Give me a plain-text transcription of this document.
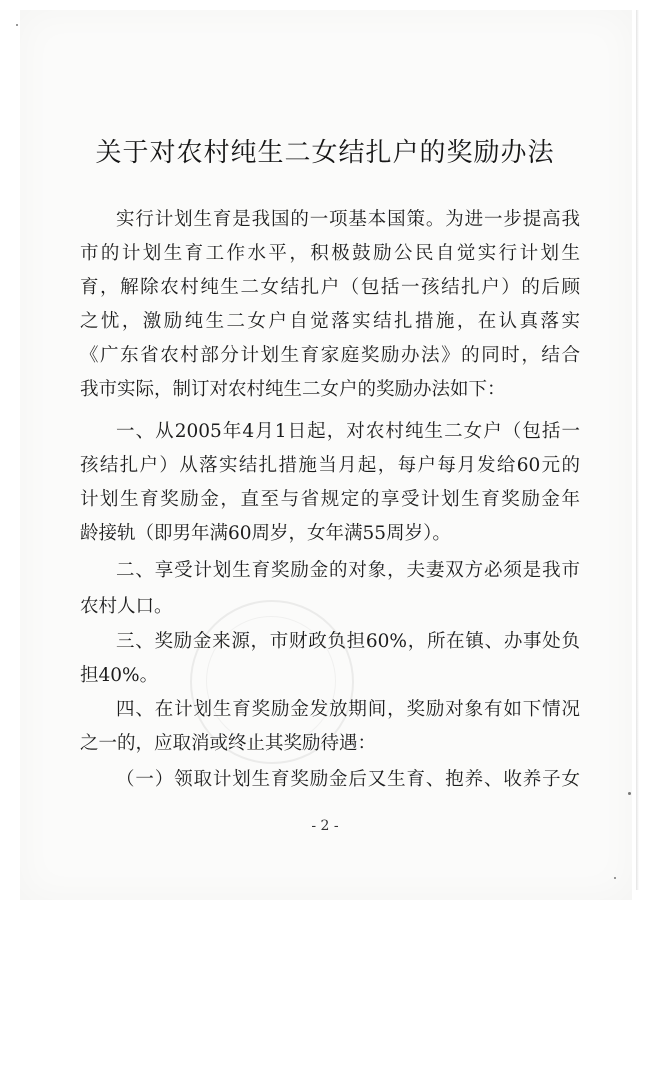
关于对农村纯生二女结扎户的奖励办法
实行计划生育是我国的一项基本国策。为进一步提高我
市的计划生育工作水平，积极鼓励公民自觉实行计划生
育，解除农村纯生二女结扎户（包括一孩结扎户）的后顾
之忧，激励纯生二女户自觉落实结扎措施，在认真落实
《广东省农村部分计划生育家庭奖励办法》的同时，结合
我市实际，制订对农村纯生二女户的奖励办法如下：
一、从2005年4月1日起，对农村纯生二女户（包括一
孩结扎户）从落实结扎措施当月起，每户每月发给60元的
计划生育奖励金，直至与省规定的享受计划生育奖励金年
龄接轨（即男年满60周岁，女年满55周岁）。
二、享受计划生育奖励金的对象，夫妻双方必须是我市
农村人口。
三、奖励金来源，市财政负担60%，所在镇、办事处负
担40%。
四、在计划生育奖励金发放期间，奖励对象有如下情况
之一的，应取消或终止其奖励待遇：
（一）领取计划生育奖励金后又生育、抱养、收养子女
- 2 -
